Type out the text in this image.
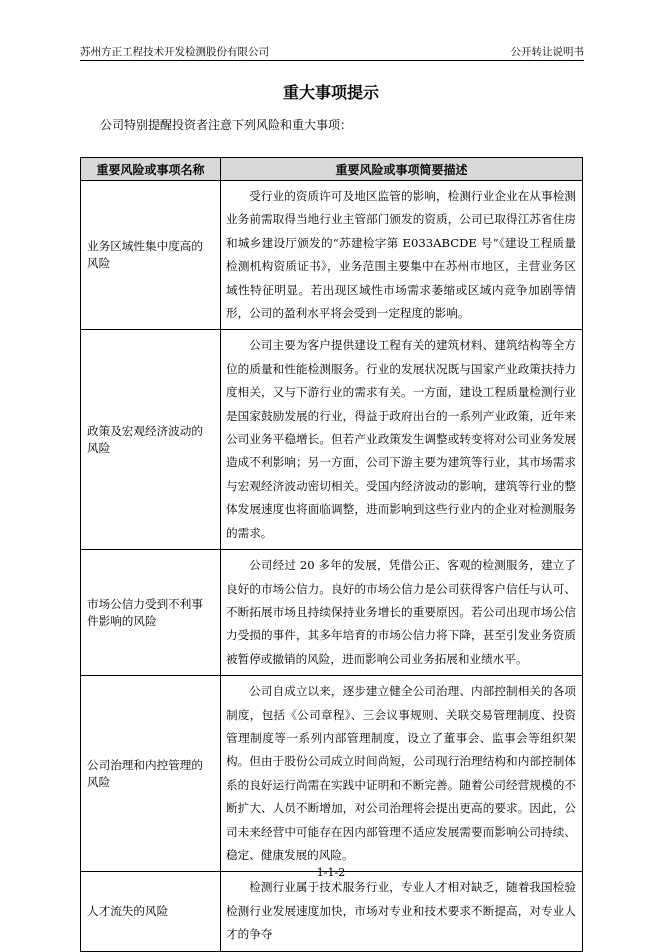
苏州方正工程技术开发检测股份有限公司	公开转让说明书
重大事项提示
公司特别提醒投资者注意下列风险和重大事项：
重要风险或事项名称	重要风险或事项简要描述
业务区域性集中度高的风险	受行业的资质许可及地区监管的影响，检测行业企业在从事检测业务前需取得当地行业主管部门颁发的资质，公司已取得江苏省住房和城乡建设厅颁发的“苏建检字第 E033ABCDE 号”《建设工程质量检测机构资质证书》，业务范围主要集中在苏州市地区，主营业务区域性特征明显。若出现区域性市场需求萎缩或区域内竞争加剧等情形，公司的盈利水平将会受到一定程度的影响。
政策及宏观经济波动的风险	公司主要为客户提供建设工程有关的建筑材料、建筑结构等全方位的质量和性能检测服务。行业的发展状况既与国家产业政策扶持力度相关，又与下游行业的需求有关。一方面，建设工程质量检测行业是国家鼓励发展的行业，得益于政府出台的一系列产业政策，近年来公司业务平稳增长。但若产业政策发生调整或转变将对公司业务发展造成不利影响；另一方面，公司下游主要为建筑等行业，其市场需求与宏观经济波动密切相关。受国内经济波动的影响，建筑等行业的整体发展速度也将面临调整，进而影响到这些行业内的企业对检测服务的需求。
市场公信力受到不利事件影响的风险	公司经过 20 多年的发展，凭借公正、客观的检测服务，建立了良好的市场公信力。良好的市场公信力是公司获得客户信任与认可、不断拓展市场且持续保持业务增长的重要原因。若公司出现市场公信力受损的事件，其多年培育的市场公信力将下降，甚至引发业务资质被暂停或撤销的风险，进而影响公司业务拓展和业绩水平。
公司治理和内控管理的风险	公司自成立以来，逐步建立健全公司治理、内部控制相关的各项制度，包括《公司章程》、三会议事规则、关联交易管理制度、投资管理制度等一系列内部管理制度，设立了董事会、监事会等组织架构。但由于股份公司成立时间尚短，公司现行治理结构和内部控制体系的良好运行尚需在实践中证明和不断完善。随着公司经营规模的不断扩大、人员不断增加，对公司治理将会提出更高的要求。因此，公司未来经营中可能存在因内部管理不适应发展需要而影响公司持续、稳定、健康发展的风险。
人才流失的风险	检测行业属于技术服务行业，专业人才相对缺乏，随着我国检验检测行业发展速度加快，市场对专业和技术要求不断提高，对专业人才的争夺
1-1-2
